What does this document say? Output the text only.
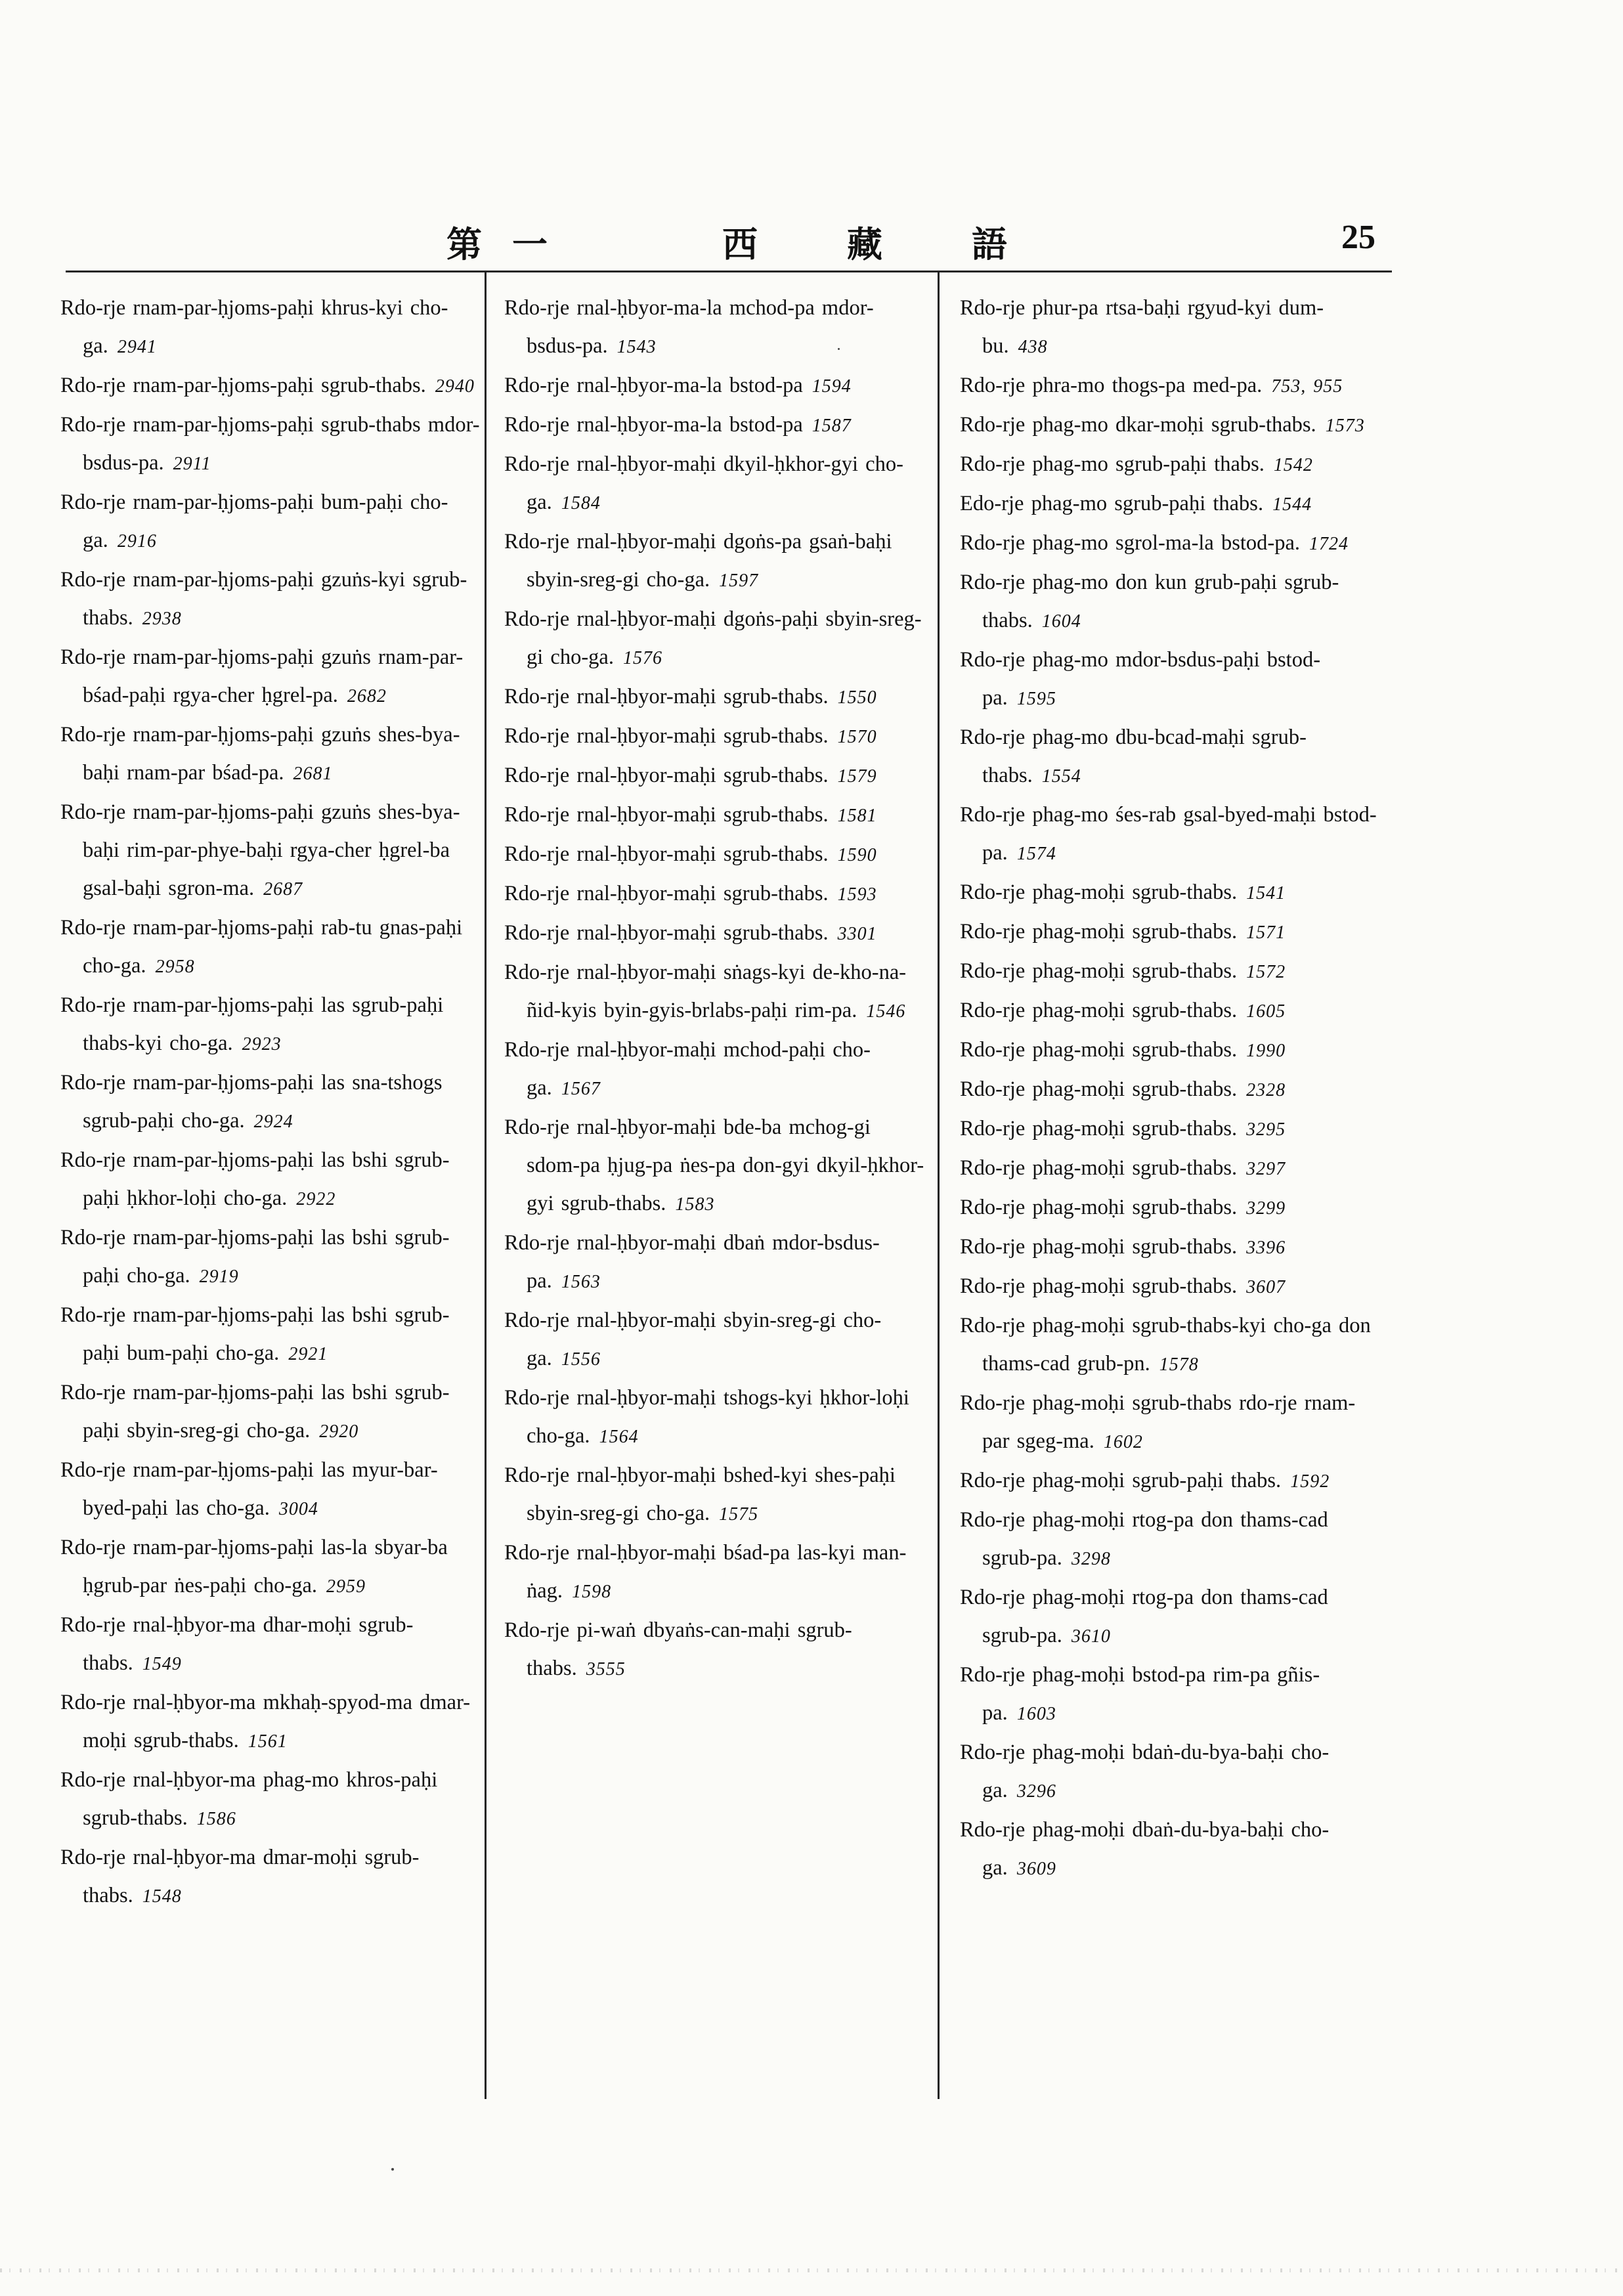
第 一	西 藏 語	25
Rdo-rje rnam-par-ḥjoms-paḥi khrus-kyi cho-ga. 2941
Rdo-rje rnam-par-ḥjoms-paḥi sgrub-thabs. 2940
Rdo-rje rnam-par-ḥjoms-paḥi sgrub-thabs mdor-bsdus-pa. 2911
Rdo-rje rnam-par-ḥjoms-paḥi bum-paḥi cho-ga. 2916
Rdo-rje rnam-par-ḥjoms-paḥi gzuṅs-kyi sgrub-thabs. 2938
Rdo-rje rnam-par-ḥjoms-paḥi gzuṅs rnam-par-bśad-paḥi rgya-cher ḥgrel-pa. 2682
Rdo-rje rnam-par-ḥjoms-paḥi gzuṅs shes-bya-baḥi rnam-par bśad-pa. 2681
Rdo-rje rnam-par-ḥjoms-paḥi gzuṅs shes-bya-baḥi rim-par-phye-baḥi rgya-cher ḥgrel-ba gsal-baḥi sgron-ma. 2687
Rdo-rje rnam-par-ḥjoms-paḥi rab-tu gnas-paḥi cho-ga. 2958
Rdo-rje rnam-par-ḥjoms-paḥi las sgrub-paḥi thabs-kyi cho-ga. 2923
Rdo-rje rnam-par-ḥjoms-paḥi las sna-tshogs sgrub-paḥi cho-ga. 2924
Rdo-rje rnam-par-ḥjoms-paḥi las bshi sgrub-paḥi ḥkhor-loḥi cho-ga. 2922
Rdo-rje rnam-par-ḥjoms-paḥi las bshi sgrub-paḥi cho-ga. 2919
Rdo-rje rnam-par-ḥjoms-paḥi las bshi sgrub-paḥi bum-paḥi cho-ga. 2921
Rdo-rje rnam-par-ḥjoms-paḥi las bshi sgrub-paḥi sbyin-sreg-gi cho-ga. 2920
Rdo-rje rnam-par-ḥjoms-paḥi las myur-bar-byed-paḥi las cho-ga. 3004
Rdo-rje rnam-par-ḥjoms-paḥi las-la sbyar-ba ḥgrub-par ṅes-paḥi cho-ga. 2959
Rdo-rje rnal-ḥbyor-ma dhar-moḥi sgrub-thabs. 1549
Rdo-rje rnal-ḥbyor-ma mkhaḥ-spyod-ma dmar-moḥi sgrub-thabs. 1561
Rdo-rje rnal-ḥbyor-ma phag-mo khros-paḥi sgrub-thabs. 1586
Rdo-rje rnal-ḥbyor-ma dmar-moḥi sgrub-thabs. 1548
Rdo-rje rnal-ḥbyor-ma-la mchod-pa mdor-bsdus-pa. 1543
Rdo-rje rnal-ḥbyor-ma-la bstod-pa 1594
Rdo-rje rnal-ḥbyor-ma-la bstod-pa 1587
Rdo-rje rnal-ḥbyor-maḥi dkyil-ḥkhor-gyi cho-ga. 1584
Rdo-rje rnal-ḥbyor-maḥi dgoṅs-pa gsaṅ-baḥi sbyin-sreg-gi cho-ga. 1597
Rdo-rje rnal-ḥbyor-maḥi dgoṅs-paḥi sbyin-sreg-gi cho-ga. 1576
Rdo-rje rnal-ḥbyor-maḥi sgrub-thabs. 1550
Rdo-rje rnal-ḥbyor-maḥi sgrub-thabs. 1570
Rdo-rje rnal-ḥbyor-maḥi sgrub-thabs. 1579
Rdo-rje rnal-ḥbyor-maḥi sgrub-thabs. 1581
Rdo-rje rnal-ḥbyor-maḥi sgrub-thabs. 1590
Rdo-rje rnal-ḥbyor-maḥi sgrub-thabs. 1593
Rdo-rje rnal-ḥbyor-maḥi sgrub-thabs. 3301
Rdo-rje rnal-ḥbyor-maḥi sṅags-kyi de-kho-na-ñid-kyis byin-gyis-brlabs-paḥi rim-pa. 1546
Rdo-rje rnal-ḥbyor-maḥi mchod-paḥi cho-ga. 1567
Rdo-rje rnal-ḥbyor-maḥi bde-ba mchog-gi sdom-pa ḥjug-pa ṅes-pa don-gyi dkyil-ḥkhor-gyi sgrub-thabs. 1583
Rdo-rje rnal-ḥbyor-maḥi dbaṅ mdor-bsdus-pa. 1563
Rdo-rje rnal-ḥbyor-maḥi sbyin-sreg-gi cho-ga. 1556
Rdo-rje rnal-ḥbyor-maḥi tshogs-kyi ḥkhor-loḥi cho-ga. 1564
Rdo-rje rnal-ḥbyor-maḥi bshed-kyi shes-paḥi sbyin-sreg-gi cho-ga. 1575
Rdo-rje rnal-ḥbyor-maḥi bśad-pa las-kyi man-ṅag. 1598
Rdo-rje pi-waṅ dbyaṅs-can-maḥi sgrub-thabs. 3555
Rdo-rje phur-pa rtsa-baḥi rgyud-kyi dum-bu. 438
Rdo-rje phra-mo thogs-pa med-pa. 753, 955
Rdo-rje phag-mo dkar-moḥi sgrub-thabs. 1573
Rdo-rje phag-mo sgrub-paḥi thabs. 1542
Edo-rje phag-mo sgrub-paḥi thabs. 1544
Rdo-rje phag-mo sgrol-ma-la bstod-pa. 1724
Rdo-rje phag-mo don kun grub-paḥi sgrub-thabs. 1604
Rdo-rje phag-mo mdor-bsdus-paḥi bstod-pa. 1595
Rdo-rje phag-mo dbu-bcad-maḥi sgrub-thabs. 1554
Rdo-rje phag-mo śes-rab gsal-byed-maḥi bstod-pa. 1574
Rdo-rje phag-moḥi sgrub-thabs. 1541
Rdo-rje phag-moḥi sgrub-thabs. 1571
Rdo-rje phag-moḥi sgrub-thabs. 1572
Rdo-rje phag-moḥi sgrub-thabs. 1605
Rdo-rje phag-moḥi sgrub-thabs. 1990
Rdo-rje phag-moḥi sgrub-thabs. 2328
Rdo-rje phag-moḥi sgrub-thabs. 3295
Rdo-rje phag-moḥi sgrub-thabs. 3297
Rdo-rje phag-moḥi sgrub-thabs. 3299
Rdo-rje phag-moḥi sgrub-thabs. 3396
Rdo-rje phag-moḥi sgrub-thabs. 3607
Rdo-rje phag-moḥi sgrub-thabs-kyi cho-ga don thams-cad grub-pn. 1578
Rdo-rje phag-moḥi sgrub-thabs rdo-rje rnam-par sgeg-ma. 1602
Rdo-rje phag-moḥi sgrub-paḥi thabs. 1592
Rdo-rje phag-moḥi rtog-pa don thams-cad sgrub-pa. 3298
Rdo-rje phag-moḥi rtog-pa don thams-cad sgrub-pa. 3610
Rdo-rje phag-moḥi bstod-pa rim-pa gñis-pa. 1603
Rdo-rje phag-moḥi bdaṅ-du-bya-baḥi cho-ga. 3296
Rdo-rje phag-moḥi dbaṅ-du-bya-baḥi cho-ga. 3609
